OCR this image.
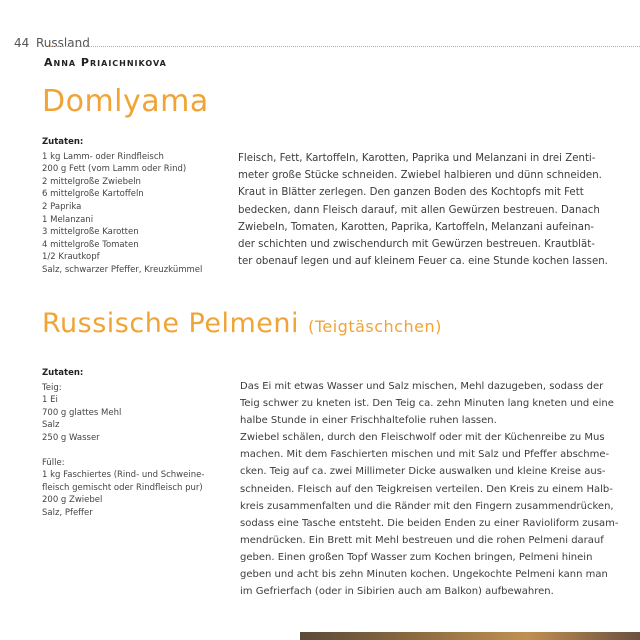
44 Russland
Anna Priaichnikova
Domlyama
Zutaten:
1 kg Lamm- oder Rindfleisch
200 g Fett (vom Lamm oder Rind)
2 mittelgroße Zwiebeln
6 mittelgroße Kartoffeln
2 Paprika
1 Melanzani
3 mittelgroße Karotten
4 mittelgroße Tomaten
1/2 Krautkopf
Salz, schwarzer Pfeffer, Kreuzkümmel
Fleisch, Fett, Kartoffeln, Karotten, Paprika und Melanzani in drei Zenti-
meter große Stücke schneiden. Zwiebel halbieren und dünn schneiden.
Kraut in Blätter zerlegen. Den ganzen Boden des Kochtopfs mit Fett
bedecken, dann Fleisch darauf, mit allen Gewürzen bestreuen. Danach
Zwiebeln, Tomaten, Karotten, Paprika, Kartoffeln, Melanzani aufeinan-
der schichten und zwischendurch mit Gewürzen bestreuen. Krautblät-
ter obenauf legen und auf kleinem Feuer ca. eine Stunde kochen lassen.
Russische Pelmeni (Teigtäschchen)
Zutaten:
Teig:
1 Ei
700 g glattes Mehl
Salz
250 g Wasser
Fülle:
1 kg Faschiertes (Rind- und Schweine-
fleisch gemischt oder Rindfleisch pur)
200 g Zwiebel
Salz, Pfeffer
Das Ei mit etwas Wasser und Salz mischen, Mehl dazugeben, sodass der
Teig schwer zu kneten ist. Den Teig ca. zehn Minuten lang kneten und eine
halbe Stunde in einer Frischhaltefolie ruhen lassen.
Zwiebel schälen, durch den Fleischwolf oder mit der Küchenreibe zu Mus
machen. Mit dem Faschierten mischen und mit Salz und Pfeffer abschme-
cken. Teig auf ca. zwei Millimeter Dicke auswalken und kleine Kreise aus-
schneiden. Fleisch auf den Teigkreisen verteilen. Den Kreis zu einem Halb-
kreis zusammenfalten und die Ränder mit den Fingern zusammendrücken,
sodass eine Tasche entsteht. Die beiden Enden zu einer Ravioliform zusam-
mendrücken. Ein Brett mit Mehl bestreuen und die rohen Pelmeni darauf
geben. Einen großen Topf Wasser zum Kochen bringen, Pelmeni hinein
geben und acht bis zehn Minuten kochen. Ungekochte Pelmeni kann man
im Gefrierfach (oder in Sibirien auch am Balkon) aufbewahren.
